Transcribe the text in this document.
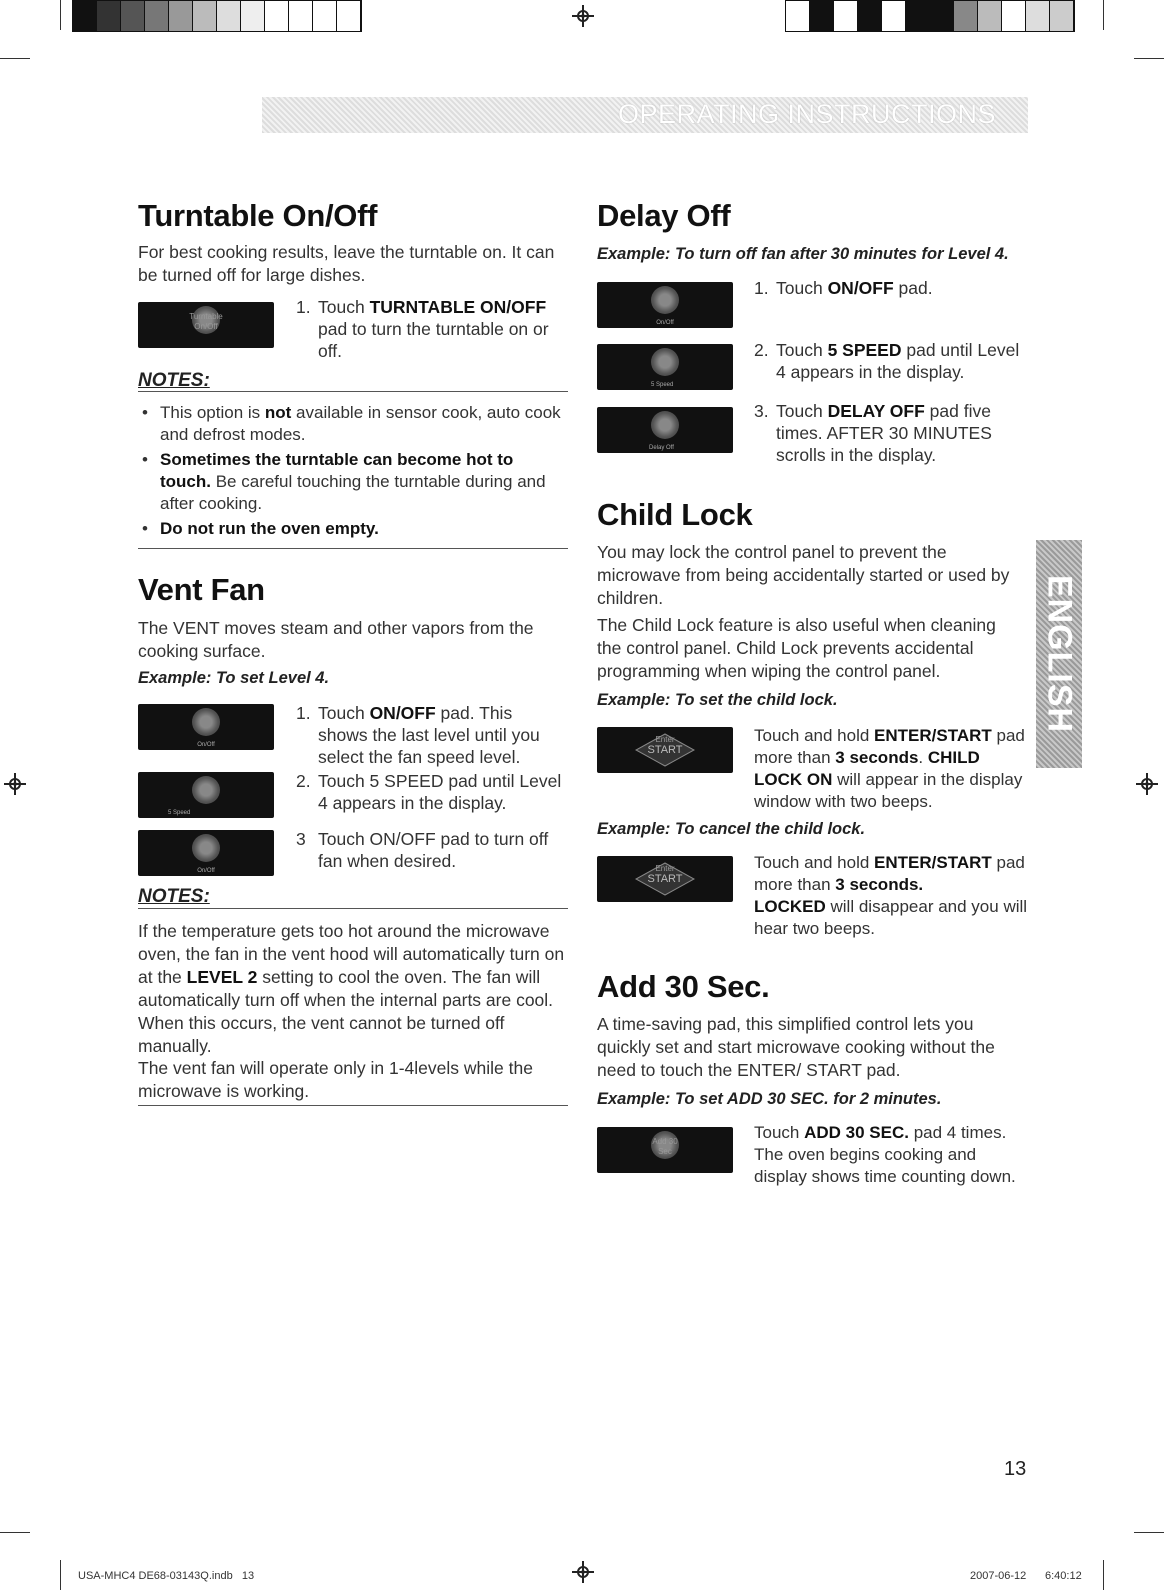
OPERATING INSTRUCTIONS
ENGLISH
Turntable On/Off
For best cooking results, leave the turntable on. It can be turned off for large dishes.
Turntable On/Off
1. Touch TURNTABLE ON/OFF pad to turn the turntable on or off.
NOTES:
• This option is not available in sensor cook, auto cook and defrost modes.
• Sometimes the turntable can become hot to touch. Be careful touching the turntable during and after cooking.
• Do not run the oven empty.
Vent Fan
The VENT moves steam and other vapors from the cooking surface.
Example: To set Level 4.
On/Off
5 Speed
On/Off
1. Touch ON/OFF pad. This shows the last level until you select the fan speed level.
2. Touch 5 SPEED pad until Level 4 appears in the display.
3 Touch ON/OFF pad to turn off fan when desired.
NOTES:
If the temperature gets too hot around the microwave oven, the fan in the vent hood will automatically turn on at the LEVEL 2 setting to cool the oven. The fan will automatically turn off when the internal parts are cool. When this occurs, the vent cannot be turned off manually.
The vent fan will operate only in 1-4levels while the microwave is working.
Delay Off
Example: To turn off fan after 30 minutes for Level 4.
On/Off
5 Speed
Delay Off
1. Touch ON/OFF pad.
2. Touch 5 SPEED pad until Level 4 appears in the display.
3. Touch DELAY OFF pad five times. AFTER 30 MINUTES scrolls in the display.
Child Lock
You may lock the control panel to prevent the microwave from being accidentally started or used by children.
The Child Lock feature is also useful when cleaning the control panel. Child Lock prevents accidental programming when wiping the control panel.
Example: To set the child lock.
Enter
START
Touch and hold ENTER/START pad more than 3 seconds. CHILD LOCK ON will appear in the display window with two beeps.
Example: To cancel the child lock.
Enter
START
Touch and hold ENTER/START pad more than 3 seconds.
LOCKED will disappear and you will hear two beeps.
Add 30 Sec.
A time-saving pad, this simplified control lets you quickly set and start microwave cooking without the need to touch the ENTER/ START pad.
Example: To set ADD 30 SEC. for 2 minutes.
Add 30 Sec
Touch ADD 30 SEC. pad 4 times. The oven begins cooking and display shows time counting down.
13
USA-MHC4 DE68-03143Q.indb   13	2007-06-12 6:40:12
